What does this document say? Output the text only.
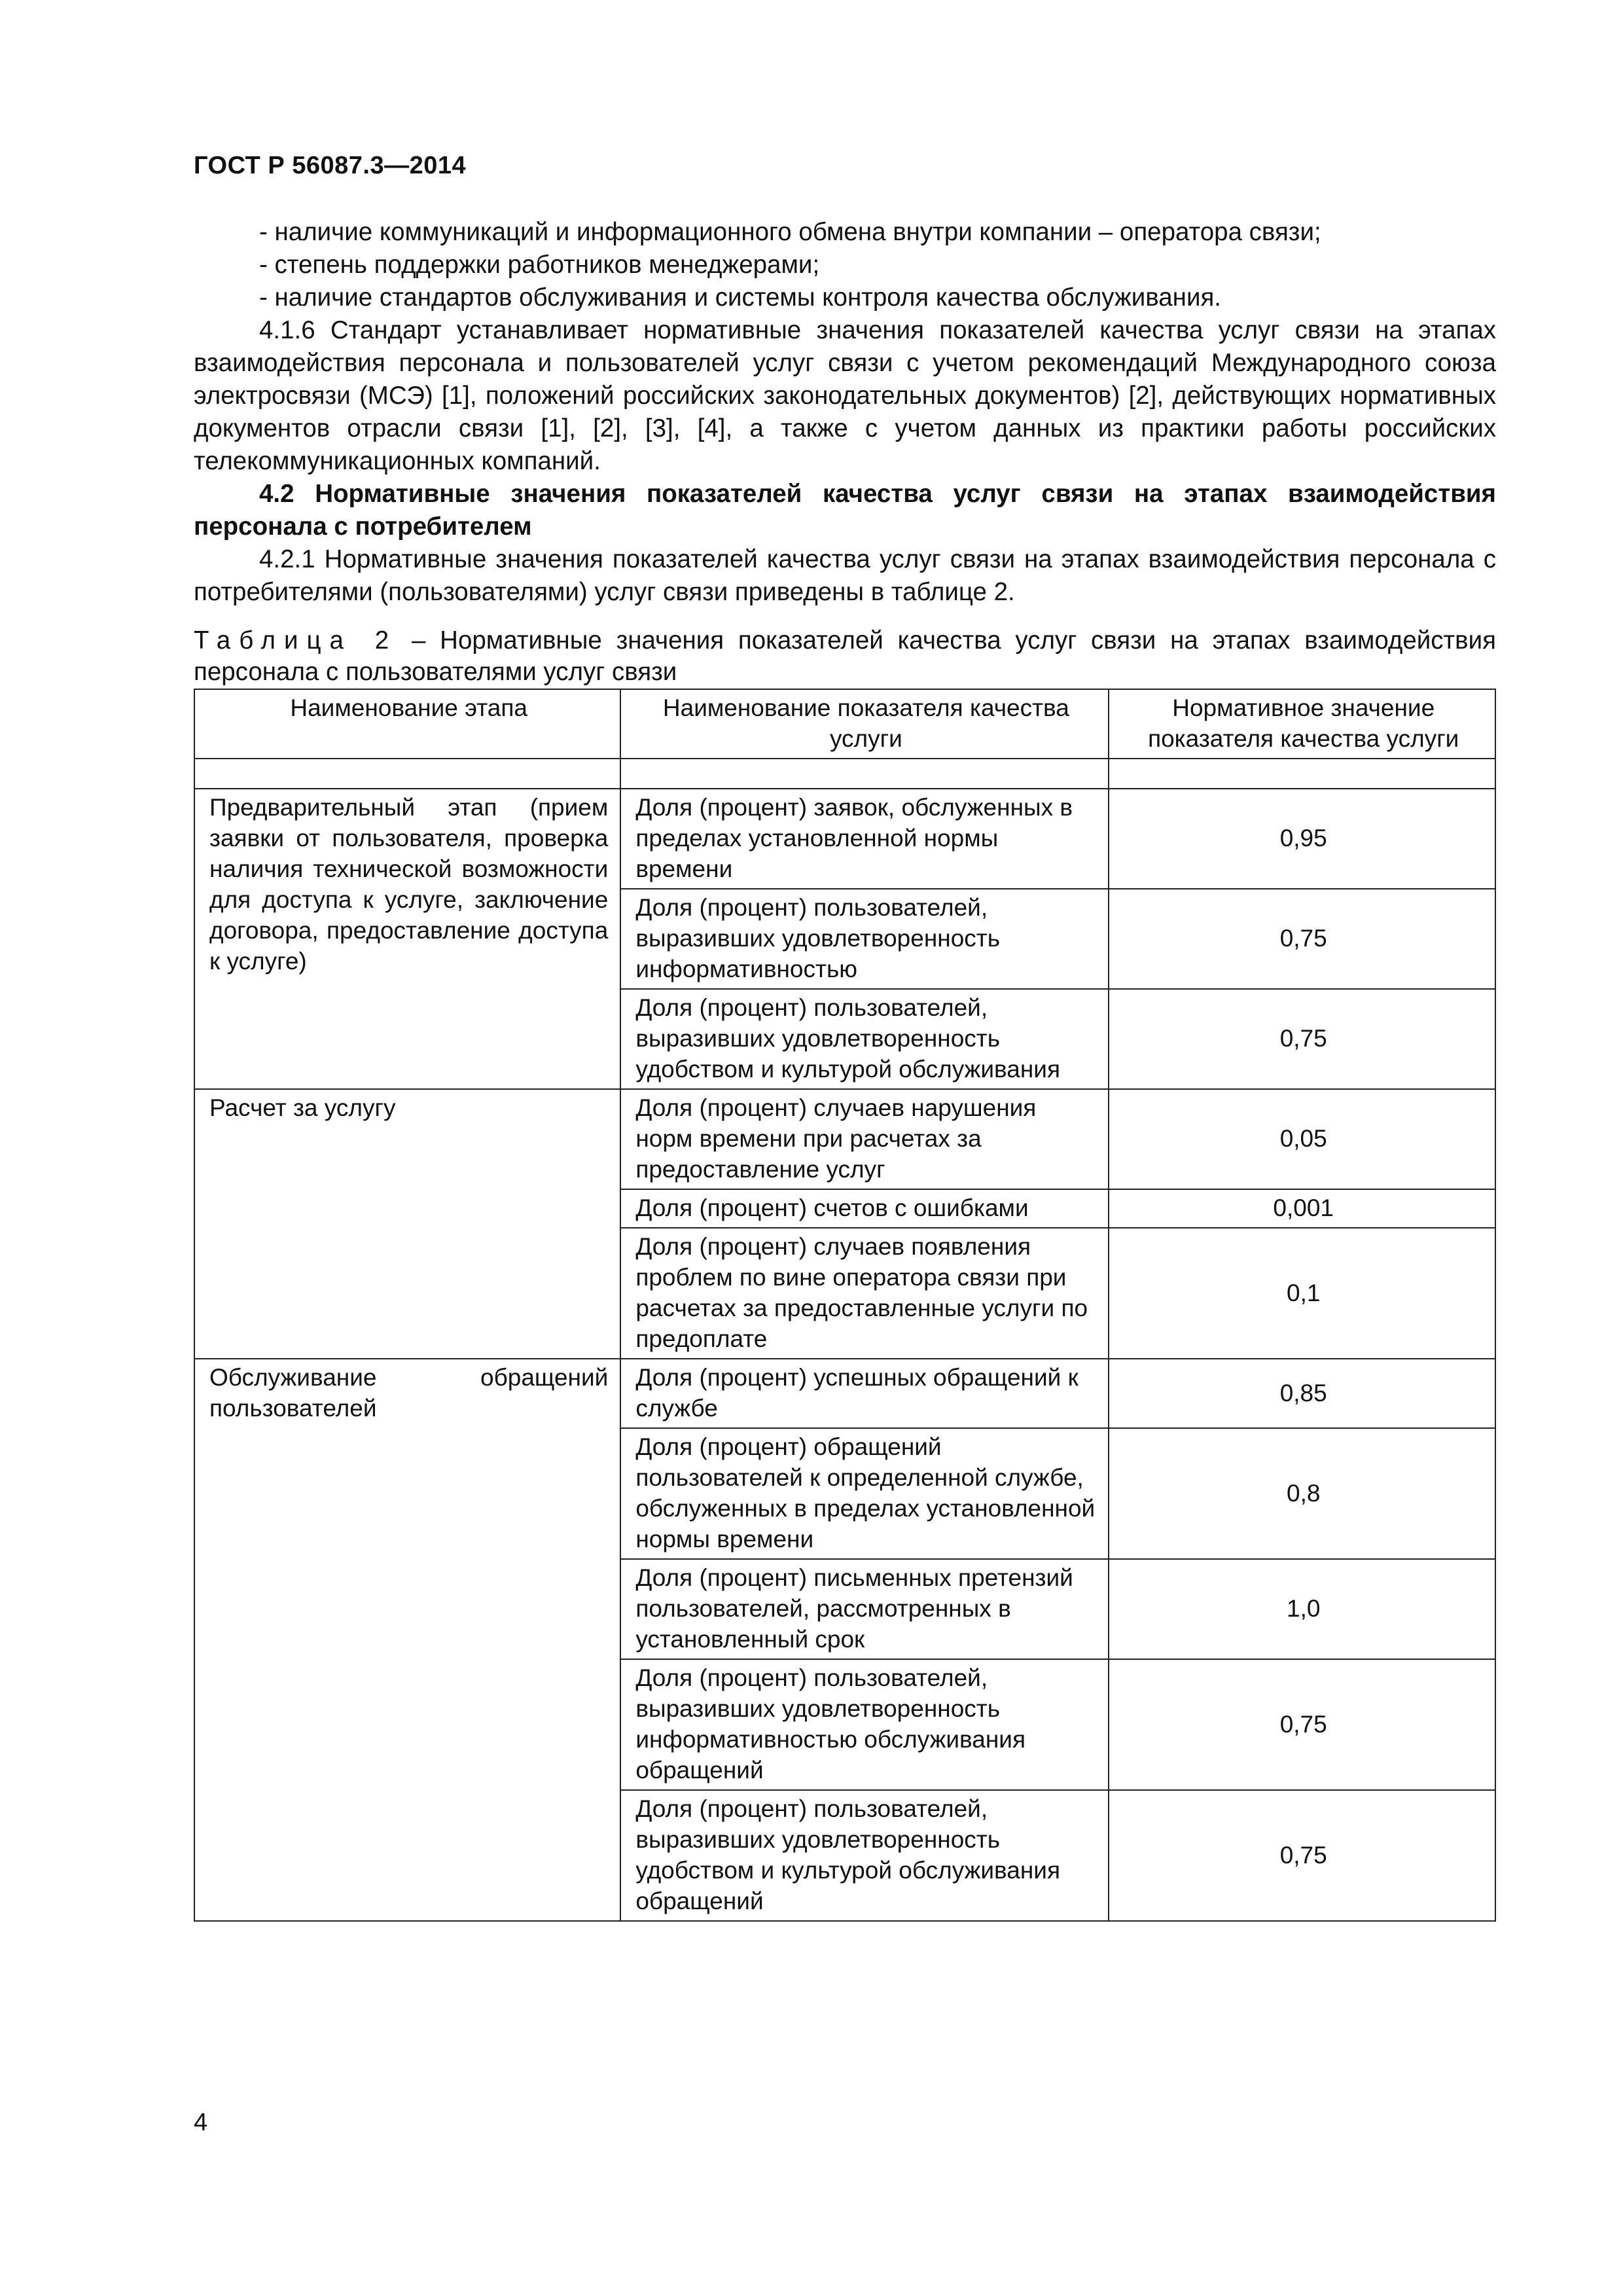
ГОСТ Р 56087.3—2014

- наличие коммуникаций и информационного обмена внутри компании – оператора связи;

- степень поддержки работников менеджерами;

- наличие стандартов обслуживания и системы контроля качества обслуживания.

4.1.6 Стандарт устанавливает нормативные значения показателей качества услуг связи на этапах взаимодействия персонала и пользователей услуг связи с учетом рекомендаций Международного союза электросвязи (МСЭ) [1], положений российских законодательных документов) [2], действующих нормативных документов отрасли связи [1], [2], [3], [4], а также с учетом данных из практики работы российских телекоммуникационных компаний.

4.2 Нормативные значения показателей качества услуг связи на этапах взаимодействия персонала с потребителем

4.2.1 Нормативные значения показателей качества услуг связи на этапах взаимодействия персонала с потребителями (пользователями) услуг связи приведены в таблице 2.

Таблица 2 – Нормативные значения показателей качества услуг связи на этапах взаимодействия персонала с пользователями услуг связи
Наименование этапа	Наименование показателя качества услуги	Нормативное значение показателя качества услуги

Предварительный этап (прием заявки от пользователя, проверка наличия технической возможности для доступа к услуге, заключение договора, предоставление доступа к услуге)	Доля (процент) заявок, обслуженных в пределах установленной нормы времени	0,95
	Доля (процент) пользователей, выразивших удовлетворенность информативностью	0,75
	Доля (процент) пользователей, выразивших удовлетворенность удобством и культурой обслуживания	0,75
Расчет за услугу	Доля (процент) случаев нарушения норм времени при расчетах за предоставление услуг	0,05
	Доля (процент) счетов с ошибками	0,001
	Доля (процент) случаев появления проблем по вине оператора связи при расчетах за предоставленные услуги по предоплате	0,1
Обслуживание обращений пользователей	Доля (процент) успешных обращений к службе	0,85
	Доля (процент) обращений пользователей к определенной службе, обслуженных в пределах установленной нормы времени	0,8
	Доля (процент) письменных претензий пользователей, рассмотренных в установленный срок	1,0
	Доля (процент) пользователей, выразивших удовлетворенность информативностью обслуживания обращений	0,75
	Доля (процент) пользователей, выразивших удовлетворенность удобством и культурой обслуживания обращений	0,75
4
